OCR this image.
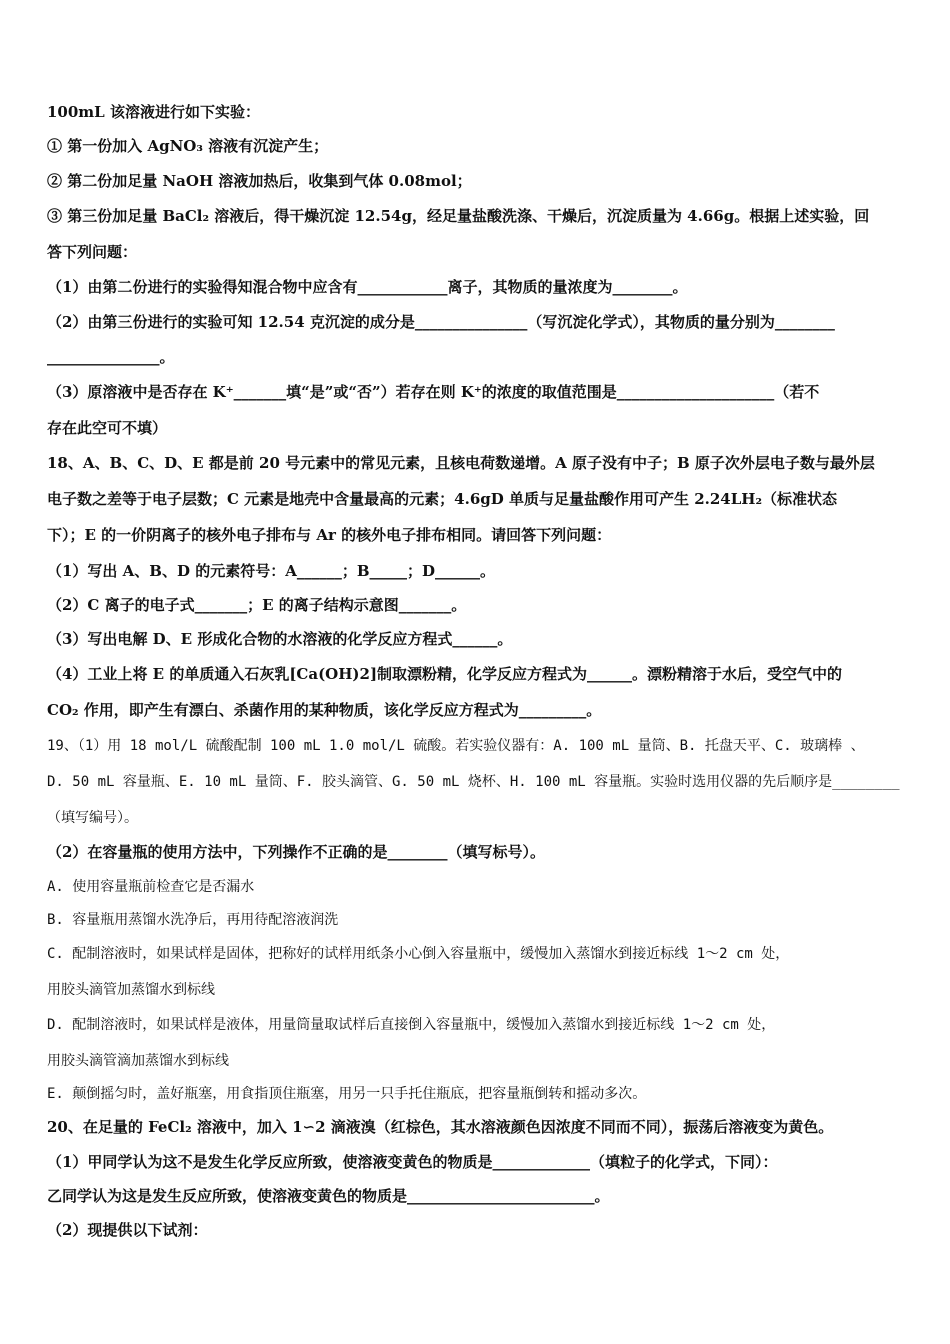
100mL 该溶液进行如下实验：
① 第一份加入 AgNO₃ 溶液有沉淀产生；
② 第二份加足量 NaOH 溶液加热后，收集到气体 0.08mol；
③ 第三份加足量 BaCl₂ 溶液后，得干燥沉淀 12.54g，经足量盐酸洗涤、干燥后，沉淀质量为 4.66g。根据上述实验，回
答下列问题：
（1）由第二份进行的实验得知混合物中应含有____________离子，其物质的量浓度为________。
（2）由第三份进行的实验可知 12.54 克沉淀的成分是_______________（写沉淀化学式），其物质的量分别为________
_______________。
（3）原溶液中是否存在 K⁺_______填“是”或“否”）若存在则 K⁺的浓度的取值范围是_____________________（若不
存在此空可不填）
18、A、B、C、D、E 都是前 20 号元素中的常见元素，且核电荷数递增。A 原子没有中子；B 原子次外层电子数与最外层
电子数之差等于电子层数；C 元素是地壳中含量最高的元素；4.6gD 单质与足量盐酸作用可产生 2.24LH₂（标准状态
下）；E 的一价阴离子的核外电子排布与 Ar 的核外电子排布相同。请回答下列问题：
（1）写出 A、B、D 的元素符号：A______；B_____；D______。
（2）C 离子的电子式_______；E 的离子结构示意图_______。
（3）写出电解 D、E 形成化合物的水溶液的化学反应方程式______。
（4）工业上将 E 的单质通入石灰乳[Ca(OH)2]制取漂粉精，化学反应方程式为______。漂粉精溶于水后，受空气中的
CO₂ 作用，即产生有漂白、杀菌作用的某种物质，该化学反应方程式为_________。
19、（1）用 18 mol/L 硫酸配制 100 mL 1.0 mol/L 硫酸。若实验仪器有：A. 100 mL 量筒、B. 托盘天平、C. 玻璃棒 、
D. 50 mL 容量瓶、E. 10 mL 量筒、F. 胶头滴管、G. 50 mL 烧杯、H. 100 mL 容量瓶。实验时选用仪器的先后顺序是________
（填写编号）。
（2）在容量瓶的使用方法中，下列操作不正确的是________（填写标号）。
A. 使用容量瓶前检查它是否漏水
B. 容量瓶用蒸馏水洗净后，再用待配溶液润洗
C. 配制溶液时，如果试样是固体，把称好的试样用纸条小心倒入容量瓶中，缓慢加入蒸馏水到接近标线 1～2 cm 处，
用胶头滴管加蒸馏水到标线
D. 配制溶液时，如果试样是液体，用量筒量取试样后直接倒入容量瓶中，缓慢加入蒸馏水到接近标线 1～2 cm 处，
用胶头滴管滴加蒸馏水到标线
E. 颠倒摇匀时，盖好瓶塞，用食指顶住瓶塞，用另一只手托住瓶底，把容量瓶倒转和摇动多次。
20、在足量的 FeCl₂ 溶液中，加入 1∽2 滴液溴（红棕色，其水溶液颜色因浓度不同而不同），振荡后溶液变为黄色。
（1）甲同学认为这不是发生化学反应所致，使溶液变黄色的物质是_____________（填粒子的化学式，下同）：
乙同学认为这是发生反应所致，使溶液变黄色的物质是_________________________。
（2）现提供以下试剂：
